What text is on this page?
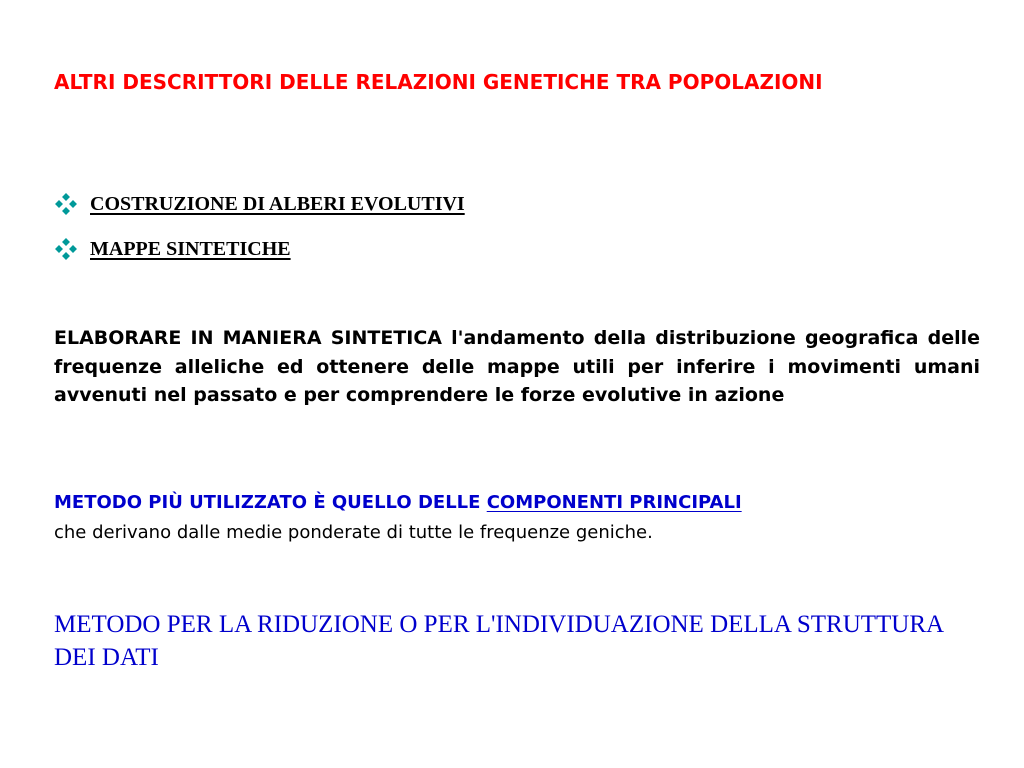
ALTRI DESCRITTORI DELLE RELAZIONI GENETICHE TRA POPOLAZIONI
COSTRUZIONE DI ALBERI EVOLUTIVI
MAPPE SINTETICHE

ELABORARE IN MANIERA SINTETICA l'andamento della distribuzione geografica delle frequenze alleliche ed ottenere delle mappe utili per inferire i movimenti umani avvenuti nel passato e per comprendere le forze evolutive in azione

METODO PIÙ UTILIZZATO È QUELLO DELLE COMPONENTI PRINCIPALI
che derivano dalle medie ponderate di tutte le frequenze geniche.

METODO PER LA RIDUZIONE O PER L'INDIVIDUAZIONE DELLA STRUTTURA DEI DATI
